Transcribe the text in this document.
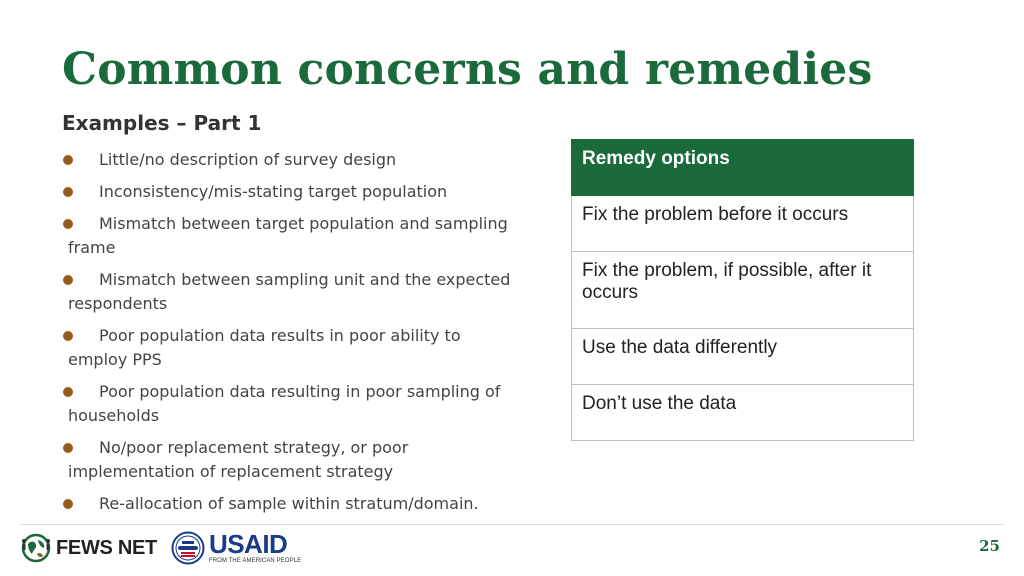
Common concerns and remedies
Examples – Part 1
Little/no description of survey design
Inconsistency/mis-stating target population
Mismatch between target population and sampling frame
Mismatch between sampling unit and the expected respondents
Poor population data results in poor ability to employ PPS
Poor population data resulting in poor sampling of households
No/poor replacement strategy, or poor implementation of replacement strategy
Re-allocation of sample within stratum/domain.
Remedy options
Fix the problem before it occurs
Fix the problem, if possible, after it occurs
Use the data differently
Don’t use the data
FEWS NET USAID
FROM THE AMERICAN PEOPLE
25
